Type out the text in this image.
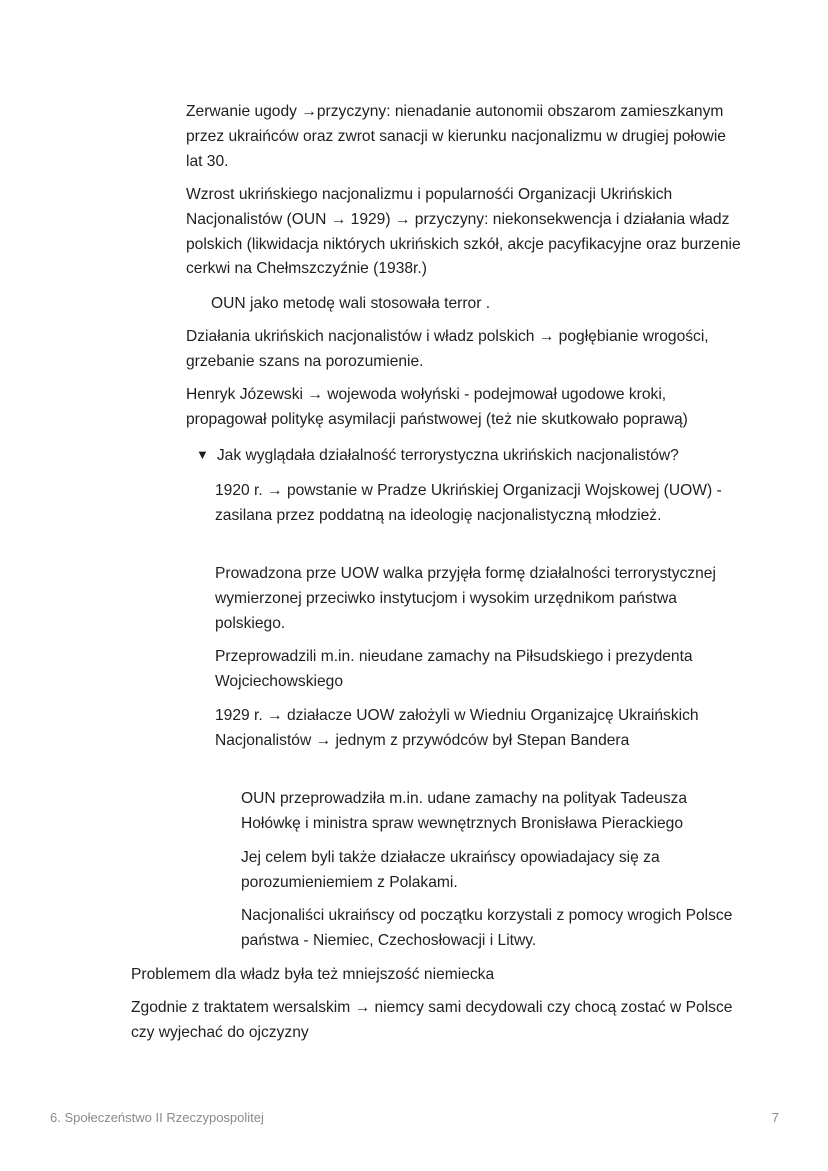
Zerwanie ugody →przyczyny: nienadanie autonomii obszarom zamieszkanym przez ukraińców oraz zwrot sanacji w kierunku nacjonalizmu w drugiej połowie lat 30.

Wzrost ukrińskiego nacjonalizmu i popularnośći Organizacji Ukrińskich Nacjonalistów (OUN → 1929) → przyczyny: niekonsekwencja i działania władz polskich (likwidacja niktórych ukrińskich szkół, akcje pacyfikacyjne oraz burzenie cerkwi na Chełmszczyźnie (1938r.)

OUN jako metodę wali stosowała terror .

Działania ukrińskich nacjonalistów i władz polskich → pogłębianie wrogości, grzebanie szans na porozumienie.

Henryk Józewski → wojewoda wołyński - podejmował ugodowe kroki, propagował politykę asymilacji państwowej (też nie skutkowało poprawą)

▼ Jak wyglądała działalność terrorystyczna ukrińskich nacjonalistów?

1920 r. → powstanie w Pradze Ukrińskiej Organizacji Wojskowej (UOW) - zasilana przez poddatną na ideologię nacjonalistyczną młodzież.

Prowadzona prze UOW walka przyjęła formę działalności terrorystycznej wymierzonej przeciwko instytucjom i wysokim urzędnikom państwa polskiego.

Przeprowadzili m.in. nieudane zamachy na Piłsudskiego i prezydenta Wojciechowskiego

1929 r. → działacze UOW założyli w Wiedniu Organizajcę Ukraińskich Nacjonalistów → jednym z przywódców był Stepan Bandera

OUN przeprowadziła m.in. udane zamachy na polityak Tadeusza Hołówkę i ministra spraw wewnętrznych Bronisława Pierackiego

Jej celem byli także działacze ukraińscy opowiadajacy się za porozumieniemiem z Polakami.

Nacjonaliści ukraińscy od początku korzystali z pomocy wrogich Polsce państwa - Niemiec, Czechosłowacji i Litwy.

Problemem dla władz była też mniejszość niemiecka

Zgodnie z traktatem wersalskim → niemcy sami decydowali czy chocą zostać w Polsce czy wyjechać do ojczyzny

6. Społeczeństwo II Rzeczypospolitej	7
